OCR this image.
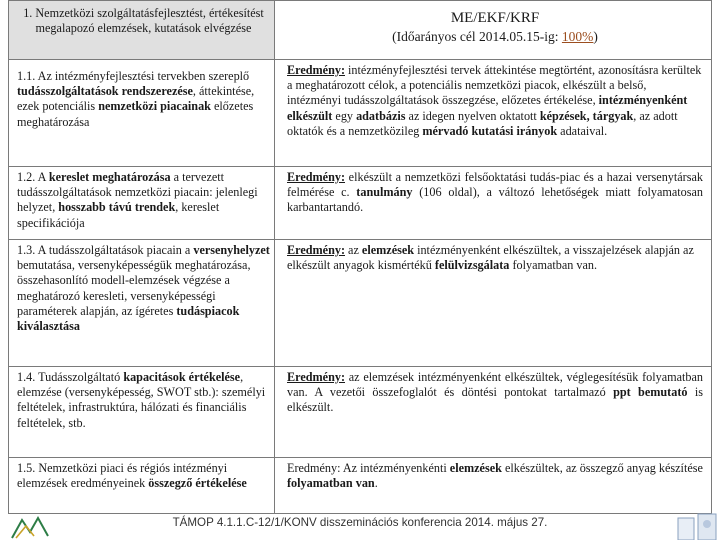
1. Nemzetközi szolgáltatásfejlesztést, értékesítést megalapozó elemzések, kutatások elvégzése
ME/EKF/KRF
(Időarányos cél 2014.05.15-ig: 100%)
1.1. Az intézményfejlesztési tervekben szereplő tudásszolgáltatások rendszerezése, áttekintése, ezek potenciális nemzetközi piacainak előzetes meghatározása
Eredmény: intézményfejlesztési tervek áttekintése megtörtént, azonosításra kerültek a meghatározott célok, a potenciális nemzetközi piacok, elkészült a belső, intézményi tudásszolgáltatások összegzése, előzetes értékelése, intézményenként elkészült egy adatbázis az idegen nyelven oktatott képzések, tárgyak, az adott oktatók és a nemzetközileg mérvadó kutatási irányok adataival.
1.2. A kereslet meghatározása a tervezett tudásszolgáltatások nemzetközi piacain: jelenlegi helyzet, hosszabb távú trendek, kereslet specifikációja
Eredmény: elkészült a nemzetközi felsőoktatási tudás-piac és a hazai versenytársak felmérése c. tanulmány (106 oldal), a változó lehetőségek miatt folyamatosan karbantartandó.
1.3. A tudásszolgáltatások piacain a versenyhelyzet bemutatása, versenyképességük meghatározása, összehasonlító modell-elemzések végzése a meghatározó keresleti, versenyképességi paraméterek alapján, az ígéretes tudáspiacok kiválasztása
Eredmény: az elemzések intézményenként elkészültek, a visszajelzések alapján az elkészült anyagok kismértékű felülvizsgálata folyamatban van.
1.4. Tudásszolgáltató kapacitások értékelése, elemzése (versenyképesség, SWOT stb.): személyi feltételek, infrastruktúra, hálózati és financiális feltételek, stb.
Eredmény: az elemzések intézményenként elkészültek, véglegesítésük folyamatban van. A vezetői összefoglalót és döntési pontokat tartalmazó ppt bemutató is elkészült.
1.5. Nemzetközi piaci és régiós intézményi elemzések eredményeinek összegző értékelése
Eredmény: Az intézményenkénti elemzések elkészültek, az összegző anyag készítése folyamatban van.
TÁMOP 4.1.1.C-12/1/KONV disszeminációs konferencia 2014. május 27.
